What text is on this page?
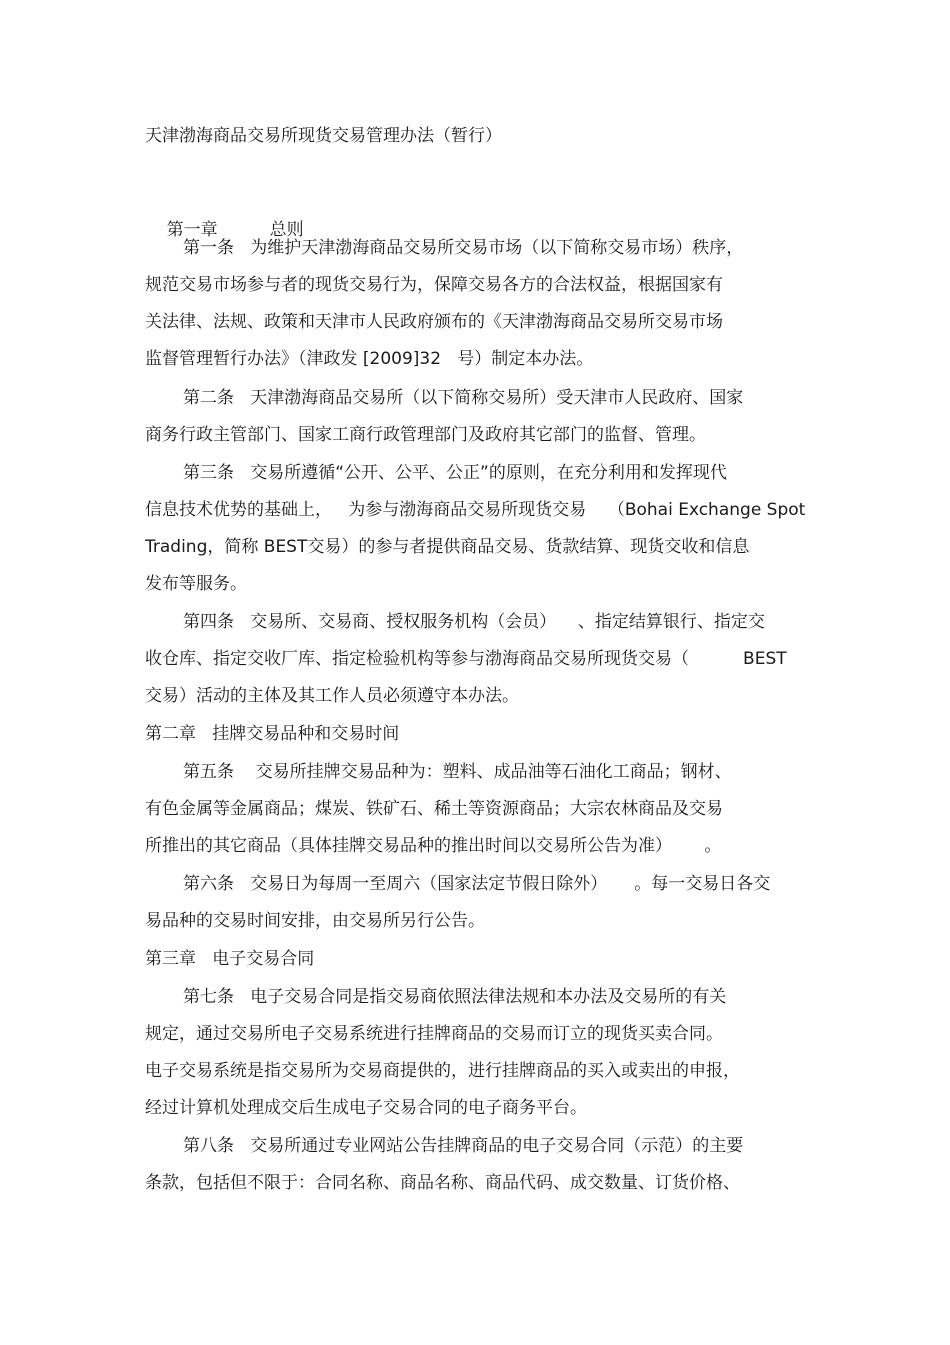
天津渤海商品交易所现货交易管理办法（暂行）

第一章	总则

第一条   为维护天津渤海商品交易所交易市场（以下简称交易市场）秩序，
规范交易市场参与者的现货交易行为，保障交易各方的合法权益，根据国家有
关法律、法规、政策和天津市人民政府颁布的《天津渤海商品交易所交易市场
监督管理暂行办法》（津政发 [2009]32   号）制定本办法。
第二条   天津渤海商品交易所（以下简称交易所）受天津市人民政府、国家
商务行政主管部门、国家工商行政管理部门及政府其它部门的监督、管理。
第三条   交易所遵循“公开、公平、公正”的原则，在充分利用和发挥现代
信息技术优势的基础上，   为参与渤海商品交易所现货交易    （Bohai Exchange Spot
Trading，简称 BEST交易）的参与者提供商品交易、货款结算、现货交收和信息
发布等服务。
第四条   交易所、交易商、授权服务机构（会员）    、指定结算银行、指定交
收仓库、指定交收厂库、指定检验机构等参与渤海商品交易所现货交易（          BEST
交易）活动的主体及其工作人员必须遵守本办法。
第二章   挂牌交易品种和交易时间
第五条    交易所挂牌交易品种为：塑料、成品油等石油化工商品；钢材、
有色金属等金属商品；煤炭、铁矿石、稀土等资源商品；大宗农林商品及交易
所推出的其它商品（具体挂牌交易品种的推出时间以交易所公告为准）      。
第六条   交易日为每周一至周六（国家法定节假日除外）     。每一交易日各交
易品种的交易时间安排，由交易所另行公告。
第三章   电子交易合同
第七条   电子交易合同是指交易商依照法律法规和本办法及交易所的有关
规定，通过交易所电子交易系统进行挂牌商品的交易而订立的现货买卖合同。
电子交易系统是指交易所为交易商提供的，进行挂牌商品的买入或卖出的申报，
经过计算机处理成交后生成电子交易合同的电子商务平台。
第八条   交易所通过专业网站公告挂牌商品的电子交易合同（示范）的主要
条款，包括但不限于：合同名称、商品名称、商品代码、成交数量、订货价格、
